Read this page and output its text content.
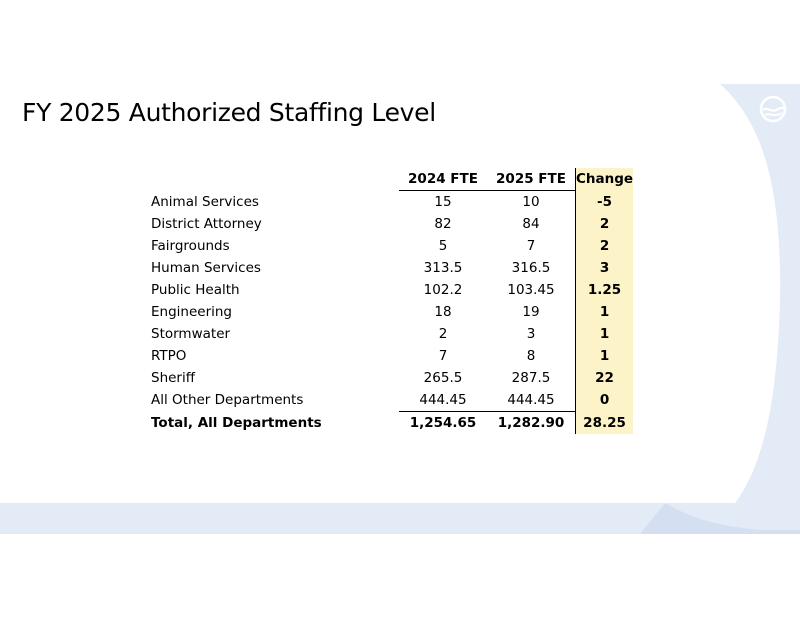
FY 2025 Authorized Staffing Level
	2024 FTE	2025 FTE	Change
Animal Services	15	10	-5
District Attorney	82	84	2
Fairgrounds	5	7	2
Human Services	313.5	316.5	3
Public Health	102.2	103.45	1.25
Engineering	18	19	1
Stormwater	2	3	1
RTPO	7	8	1
Sheriff	265.5	287.5	22
All Other Departments	444.45	444.45	0
Total, All Departments	1,254.65	1,282.90	28.25
